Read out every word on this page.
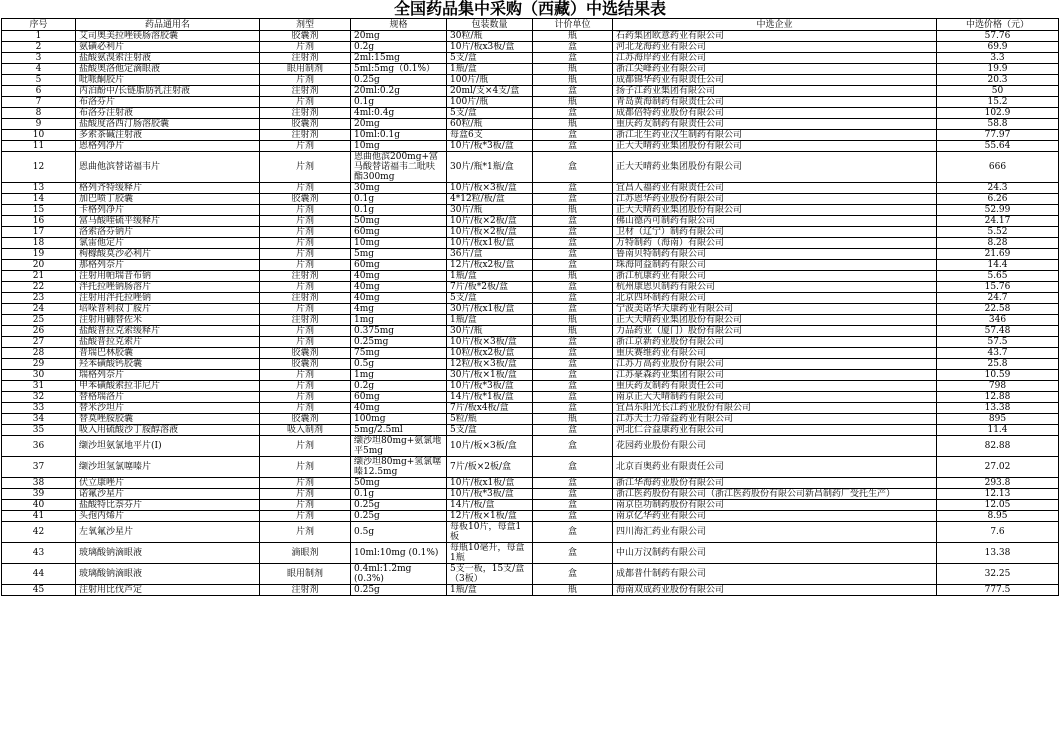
全国药品集中采购（西藏）中选结果表
序号	药品通用名	剂型	规格	包装数量	计价单位	中选企业	中选价格（元）
1	艾司奥美拉唑镁肠溶胶囊	胶囊剂	20mg	30粒/瓶	瓶	石药集团欧意药业有限公司	57.76
2	氨磺必利片	片剂	0.2g	10片/板x3板/盒	盒	河北龙海药业有限公司	69.9
3	盐酸氨溴索注射液	注射剂	2ml:15mg	5支/盒	盒	江苏海岸药业有限公司	3.3
4	盐酸奥洛他定滴眼液	眼用制剂	5ml:5mg（0.1%）	1瓶/盒	瓶	浙江尖峰药业有限公司	19.9
5	吡哌酮胶片	片剂	0.25g	100片/瓶	瓶	成都锦华药业有限责任公司	20.3
6	丙泊酚中/长链脂肪乳注射液	注射剂	20ml:0.2g	20ml/支×4支/盒	盒	扬子江药业集团有限公司	50
7	布洛芬片	片剂	0.1g	100片/瓶	瓶	青岛黄海制药有限责任公司	15.2
8	布洛芬注射液	注射剂	4ml:0.4g	5支/盒	盒	成都倍特药业股份有限公司	102.9
9	盐酸度洛西汀肠溶胶囊	胶囊剂	20mg	60粒/瓶	瓶	重庆药友制药有限责任公司	58.8
10	多索茶碱注射液	注射剂	10ml:0.1g	每盒6支	盒	浙江北生药业汉生制药有限公司	77.97
11	恩格列净片	片剂	10mg	10片/板*3板/盒	盒	正大天晴药业集团股份有限公司	55.64
12	恩曲他滨替诺福韦片	片剂	恩曲他滨200mg+富马酸替诺福韦二吡呋酯300mg	30片/瓶*1瓶/盒	盒	正大天晴药业集团股份有限公司	666
13	格列齐特缓释片	片剂	30mg	10片/板×3板/盒	盒	宜昌人福药业有限责任公司	24.3
14	加巴喷丁胶囊	胶囊剂	0.1g	4*12粒/板/盒	盒	江苏恩华药业股份有限公司	6.26
15	卡格列净片	片剂	0.1g	30片/瓶	瓶	正大天晴药业集团股份有限公司	52.99
16	富马酸喹硫平缓释片	片剂	50mg	10片/板×2板/盒	盒	佛山德芮可制药有限公司	24.17
17	洛索洛芬钠片	片剂	60mg	10片/板×2板/盒	盒	卫材（辽宁）制药有限公司	5.52
18	氯雷他定片	片剂	10mg	10片/板x1板/盒	盒	万特制药（海南）有限公司	8.28
19	枸橼酸莫沙必利片	片剂	5mg	36片/盒	盒	鲁南贝特制药有限公司	21.69
20	那格列奈片	片剂	60mg	12片/板x2板/盒	盒	珠海同益制药有限公司	14.4
21	注射用帕瑞昔布钠	注射剂	40mg	1瓶/盒	瓶	浙江杭康药业有限公司	5.65
22	泮托拉唑钠肠溶片	片剂	40mg	7片/板*2板/盒	盒	杭州康恩贝制药有限公司	15.76
23	注射用泮托拉唑钠	注射剂	40mg	5支/盒	盒	北京四环制药有限公司	24.7
24	培哚普利叔丁胺片	片剂	4mg	30片/板x1板/盒	盒	宁波美诺华天康药业有限公司	22.58
25	注射用硼替佐米	注射剂	1mg	1瓶/盒	瓶	正大天晴药业集团股份有限公司	346
26	盐酸普拉克索缓释片	片剂	0.375mg	30片/瓶	瓶	力品药业（厦门）股份有限公司	57.48
27	盐酸普拉克索片	片剂	0.25mg	10片/板×3板/盒	盒	浙江京新药业股份有限公司	57.5
28	普瑞巴林胶囊	胶囊剂	75mg	10粒/板x2板/盒	盒	重庆赛维药业有限公司	43.7
29	羟苯磺酸钙胶囊	胶囊剂	0.5g	12粒/板×3板/盒	盒	江苏万高药业股份有限公司	25.8
30	瑞格列奈片	片剂	1mg	30片/板×1板/盒	盒	江苏豪森药业集团有限公司	10.59
31	甲苯磺酸索拉非尼片	片剂	0.2g	10片/板*3板/盒	盒	重庆药友制药有限责任公司	798
32	替格瑞洛片	片剂	60mg	14片/板*1板/盒	盒	南京正大天晴制药有限公司	12.88
33	替米沙坦片	片剂	40mg	7片/板x4板/盒	盒	宜昌东阳光长江药业股份有限公司	13.38
34	替莫唑胺胶囊	胶囊剂	100mg	5粒/瓶	瓶	江苏天士力帝益药业有限公司	895
35	吸入用硫酸沙丁胺醇溶液	吸入制剂	5mg/2.5ml	5支/盒	盒	河北仁合益康药业有限公司	11.4
36	缬沙坦氨氯地平片(Ⅰ)	片剂	缬沙坦80mg+氨氯地平5mg	10片/板×3板/盒	盒	花园药业股份有限公司	82.88
37	缬沙坦氢氯噻嗪片	片剂	缬沙坦80mg+氢氯噻嗪12.5mg	7片/板×2板/盒	盒	北京百奥药业有限责任公司	27.02
38	伏立康唑片	片剂	50mg	10片/板x1板/盒	盒	浙江华海药业股份有限公司	293.8
39	诺氟沙星片	片剂	0.1g	10片/板*3板/盒	盒	浙江医药股份有限公司（浙江医药股份有限公司新昌制药厂受托生产）	12.13
40	盐酸特比萘芬片	片剂	0.25g	14片/板/盒	盒	南京臣功制药股份有限公司	12.05
41	头孢丙烯片	片剂	0.25g	12片/板×1板/盒	盒	南京亿华药业有限公司	8.95
42	左氧氟沙星片	片剂	0.5g	每板10片，每盒1板	盒	四川海汇药业有限公司	7.6
43	玻璃酸钠滴眼液	滴眼剂	10ml:10mg (0.1%)	每瓶10毫升，每盒1瓶	盒	中山万汉制药有限公司	13.38
44	玻璃酸钠滴眼液	眼用制剂	0.4ml:1.2mg (0.3%)	5支一板，15支/盒（3板）	盒	成都普什制药有限公司	32.25
45	注射用比伐芦定	注射剂	0.25g	1瓶/盒	瓶	海南双成药业股份有限公司	777.5
